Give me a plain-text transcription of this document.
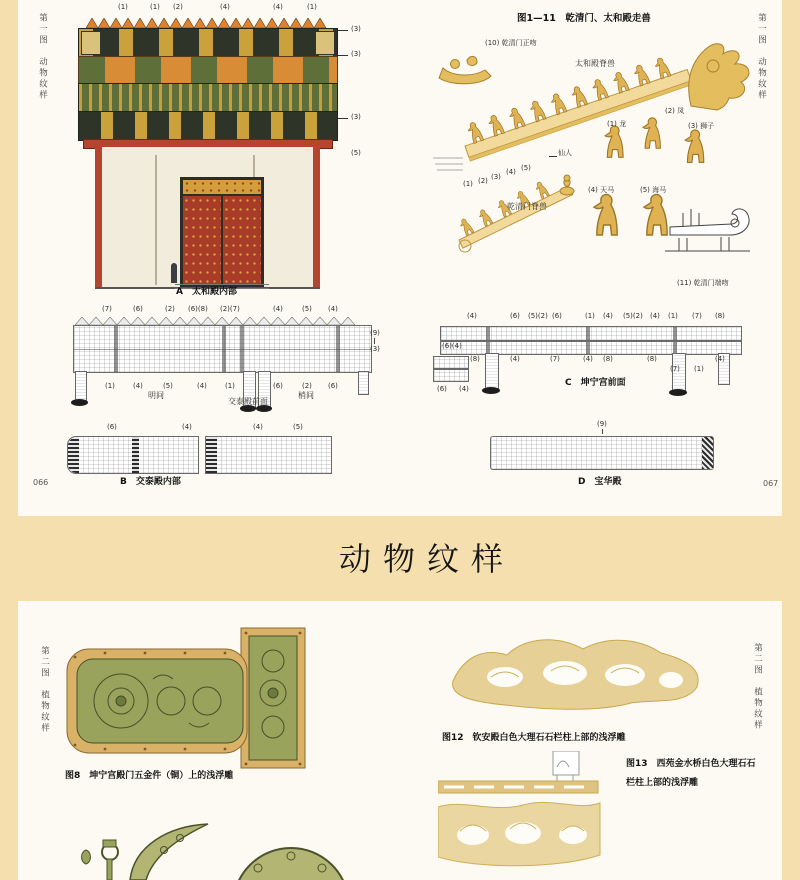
第一图　动物纹样	第一图　动物纹样
(1)	(1) (2)	(4)	(4)	(1)
(3)
(3)
(3)
(5)
A　太和殿内部
(7)	(6)	(2) (6)(8) (2)(7)	(4)	(5) (4)
(1)	(4)	(5)	(4)	(1)	(6)	(2) (6)
(9)
(3)
明间
交泰殿前面
梢间
(6)	(4)	(4)	(5)
B　交泰殿内部
066
图1—11　乾清门、太和殿走兽
(10) 乾清门正吻
太和殿脊兽
仙人
(1) (2) (3)
(4) (5)
乾清门脊兽
(1) 龙
(2) 凤
(3) 狮子
(4) 天马	(5) 海马
(11) 乾清门端吻
(4)	(6) (5)(2) (6)	(1) (4) (5)(2) (4) (1) (7) (8)
(6) (4)
(8)	(4)	(7)	(4) (8)	(8)
(7) (1)
(4)
(6)(4)
C　坤宁宫前面
(9)
D　宝华殿	067
动物纹样
第二图　植物纹样	第二图　植物纹样
图8　坤宁宫殿门五金件（铜）上的浅浮雕
图12　钦安殿白色大理石石栏柱上部的浅浮雕
图13　西苑金水桥白色大理石石
栏柱上部的浅浮雕
